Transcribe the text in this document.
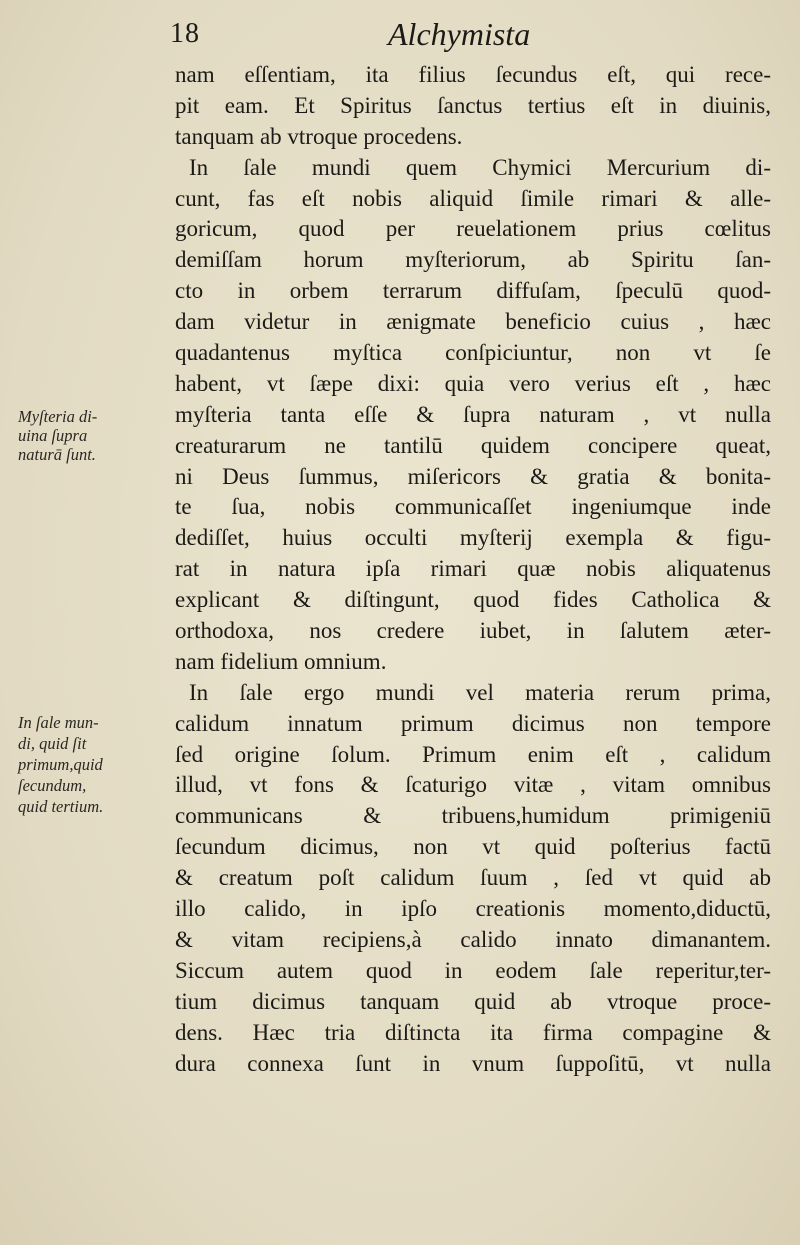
18	Alchymista
Myſteria di-
uina ſupra
naturā ſunt.
In ſale mun-
di, quid ſit
primum,quid
ſecundum,
quid tertium.
nam eſſentiam, ita filius ſecundus eſt, qui rece-
pit eam. Et Spiritus ſanctus tertius eſt in diuinis,
tanquam ab vtroque procedens.
In ſale mundi quem Chymici Mercurium di-
cunt, fas eſt nobis aliquid ſimile rimari & alle-
goricum, quod per reuelationem prius cœlitus
demiſſam horum myſteriorum, ab Spiritu ſan-
cto in orbem terrarum diffuſam, ſpeculū quod-
dam videtur in ænigmate beneficio cuius , hæc
quadantenus myſtica conſpiciuntur, non vt ſe
habent, vt ſæpe dixi: quia vero verius eſt , hæc
myſteria tanta eſſe & ſupra naturam , vt nulla
creaturarum ne tantilū quidem concipere queat,
ni Deus ſummus, miſericors & gratia & bonita-
te ſua, nobis communicaſſet ingeniumque inde
dediſſet, huius occulti myſterij exempla & figu-
rat in natura ipſa rimari quæ nobis aliquatenus
explicant & diſtingunt, quod fides Catholica &
orthodoxa, nos credere iubet, in ſalutem æter-
nam fidelium omnium.
In ſale ergo mundi vel materia rerum prima,
calidum innatum primum dicimus non tempore
ſed origine ſolum. Primum enim eſt , calidum
illud, vt fons & ſcaturigo vitæ , vitam omnibus
communicans & tribuens,humidum primigeniū
ſecundum dicimus, non vt quid poſterius factū
& creatum poſt calidum ſuum , ſed vt quid ab
illo calido, in ipſo creationis momento,diductū,
& vitam recipiens,à calido innato dimanantem.
Siccum autem quod in eodem ſale reperitur,ter-
tium dicimus tanquam quid ab vtroque proce-
dens. Hæc tria diſtincta ita firma compagine &
dura connexa ſunt in vnum ſuppoſitū, vt nulla
